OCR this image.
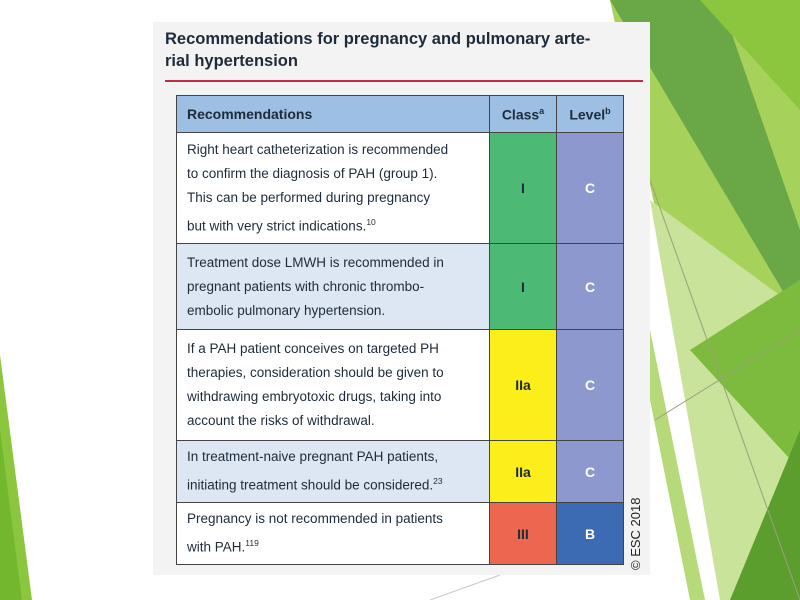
Recommendations for pregnancy and pulmonary arte-
rial hypertension
Recommendations	Class$^a$	Level$^b$

Right heart catheterization is recommended
to confirm the diagnosis of PAH (group 1).
This can be performed during pregnancy
but with very strict indications.$^{10}$	I	C

Treatment dose LMWH is recommended in
pregnant patients with chronic thrombo-
embolic pulmonary hypertension.	I	C

If a PAH patient conceives on targeted PH
therapies, consideration should be given to
withdrawing embryotoxic drugs, taking into
account the risks of withdrawal.	IIa	C

In treatment-naive pregnant PAH patients,
initiating treatment should be considered.$^{23}$	IIa	C

Pregnancy is not recommended in patients
with PAH.$^{119}$	III	B	© ESC 2018
